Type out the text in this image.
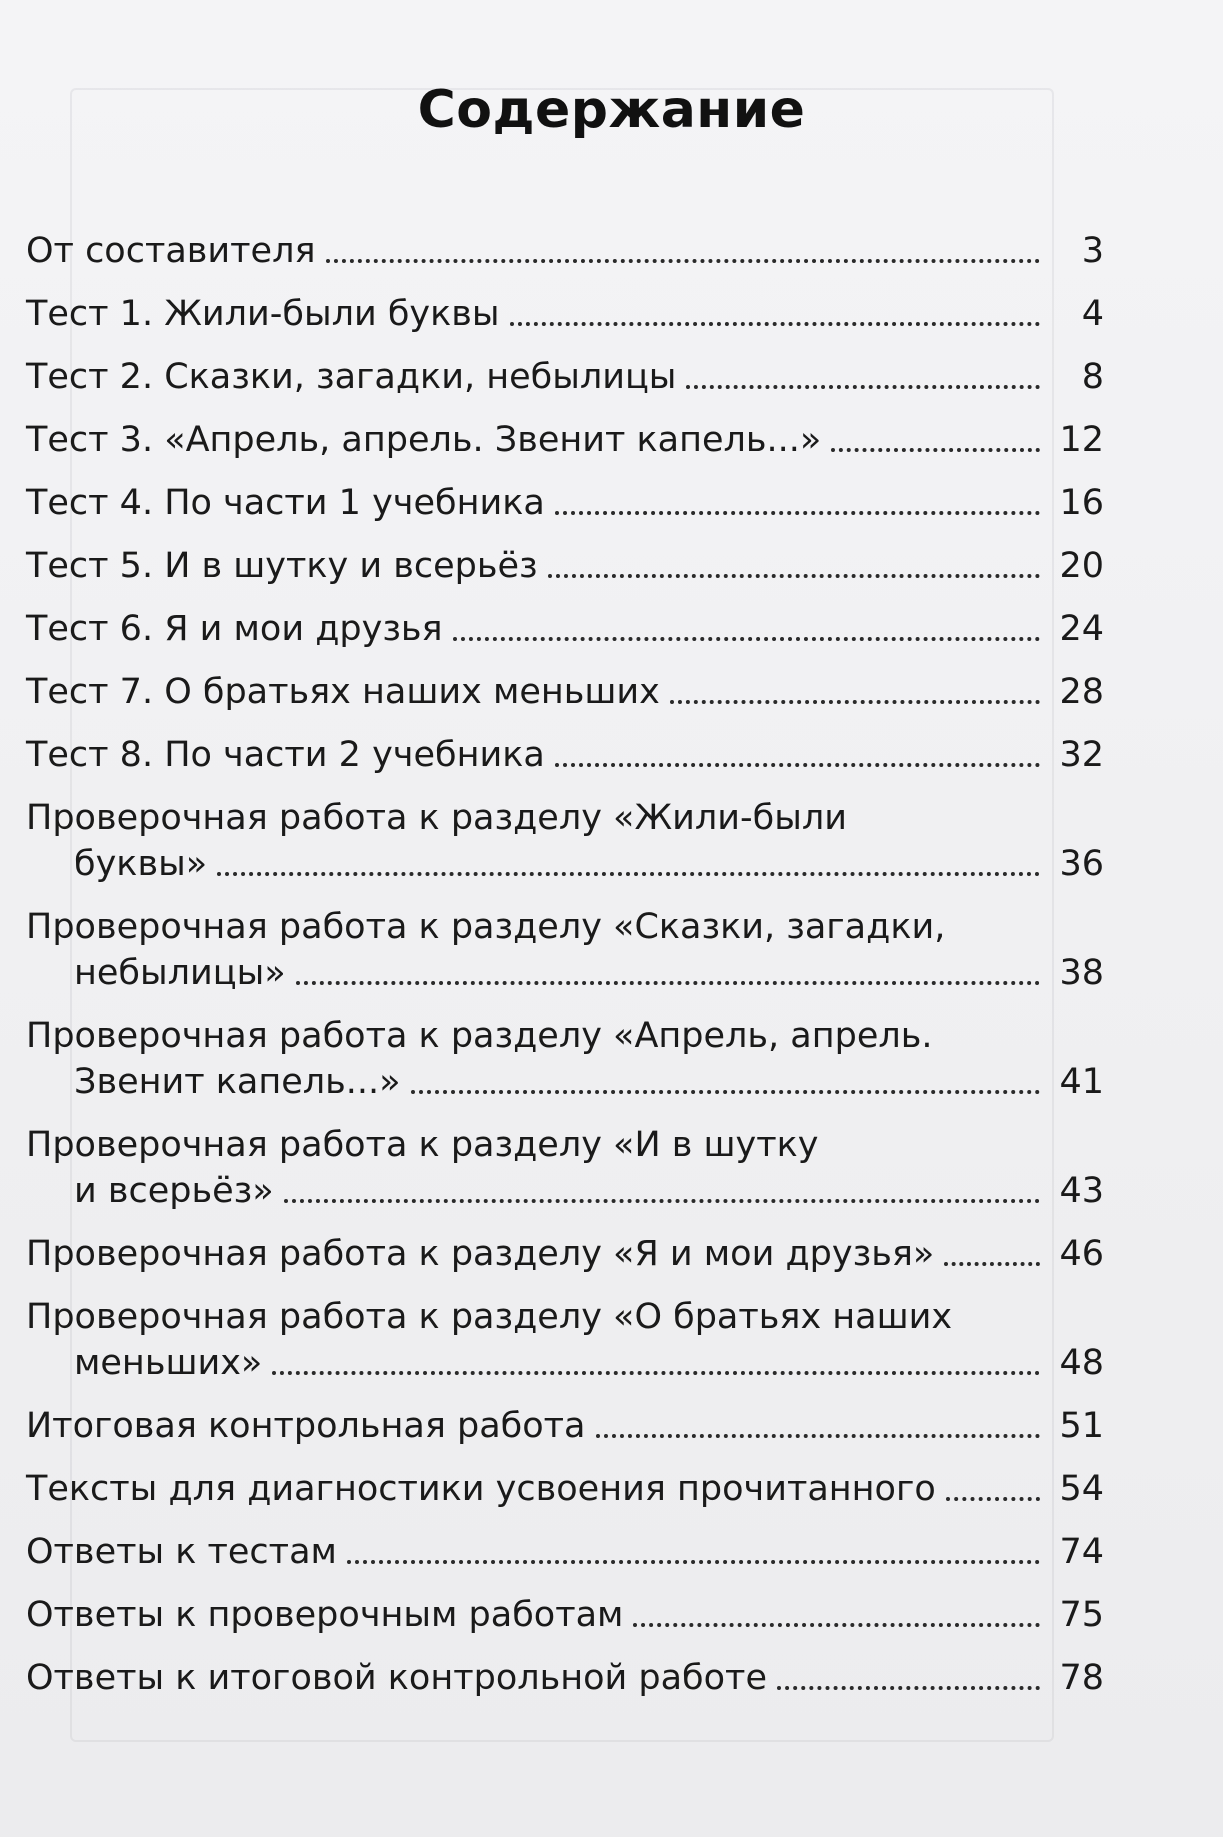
Содержание
От составителя	3
Тест 1. Жили-были буквы	4
Тест 2. Сказки, загадки, небылицы	8
Тест 3. «Апрель, апрель. Звенит капель...»	12
Тест 4. По части 1 учебника	16
Тест 5. И в шутку и всерьёз	20
Тест 6. Я и мои друзья	24
Тест 7. О братьях наших меньших	28
Тест 8. По части 2 учебника	32
Проверочная работа к разделу «Жили-были
буквы»	36
Проверочная работа к разделу «Сказки, загадки,
небылицы»	38
Проверочная работа к разделу «Апрель, апрель.
Звенит капель...»	41
Проверочная работа к разделу «И в шутку
и всерьёз»	43
Проверочная работа к разделу «Я и мои друзья»	46
Проверочная работа к разделу «О братьях наших
меньших»	48
Итоговая контрольная работа	51
Тексты для диагностики усвоения прочитанного	54
Ответы к тестам	74
Ответы к проверочным работам	75
Ответы к итоговой контрольной работе	78
